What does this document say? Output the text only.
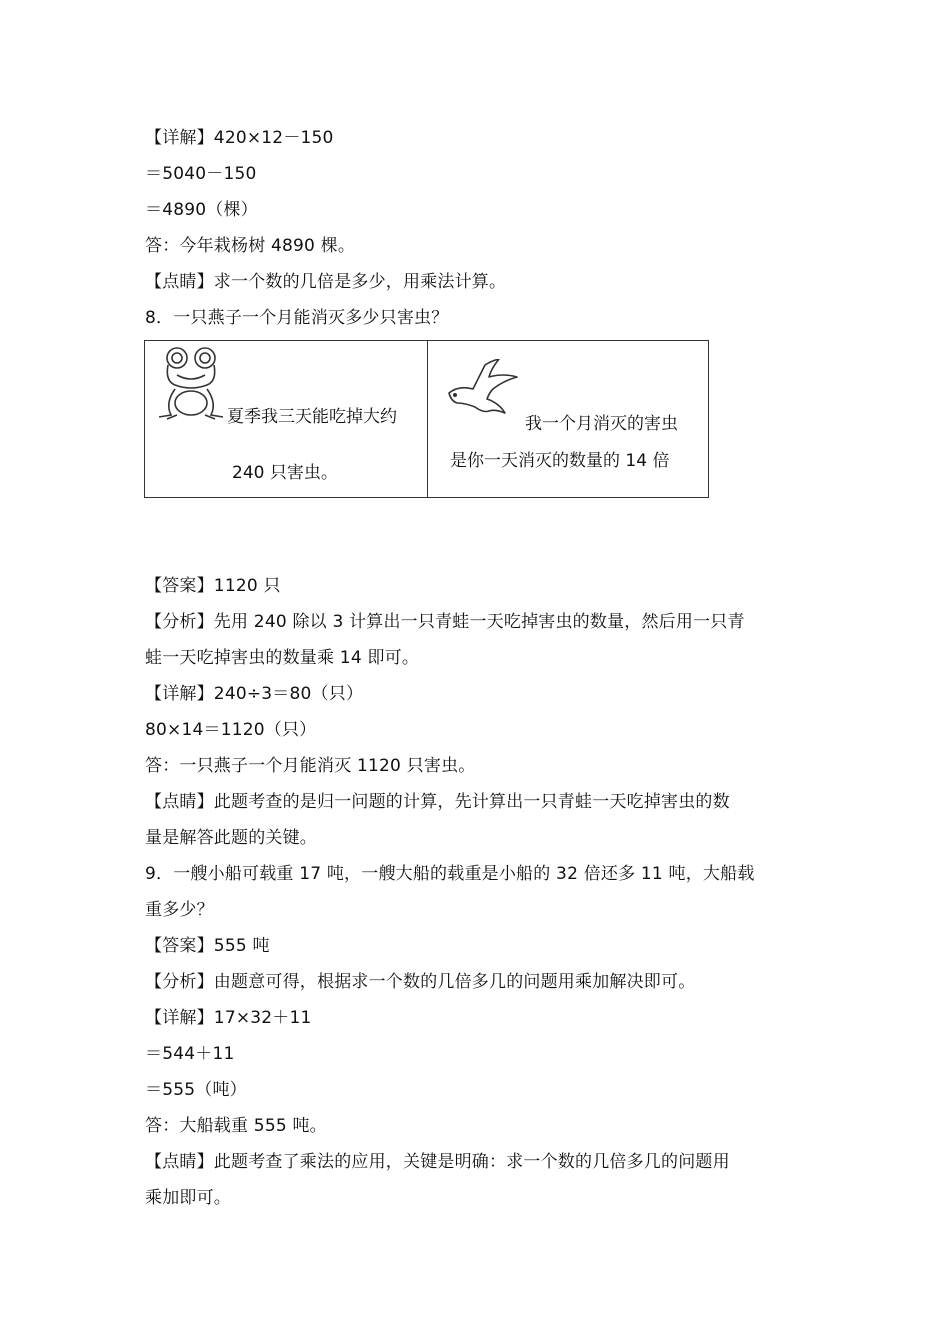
【详解】420×12－150
＝5040－150
＝4890（棵）
答：今年栽杨树 4890 棵。
【点睛】求一个数的几倍是多少，用乘法计算。
8．一只燕子一个月能消灭多少只害虫？
夏季我三天能吃掉大约
240 只害虫。
我一个月消灭的害虫
是你一天消灭的数量的 14 倍
【答案】1120 只
【分析】先用 240 除以 3 计算出一只青蛙一天吃掉害虫的数量，然后用一只青
蛙一天吃掉害虫的数量乘 14 即可。
【详解】240÷3＝80（只）
80×14＝1120（只）
答：一只燕子一个月能消灭 1120 只害虫。
【点睛】此题考查的是归一问题的计算，先计算出一只青蛙一天吃掉害虫的数
量是解答此题的关键。
9．一艘小船可载重 17 吨，一艘大船的载重是小船的 32 倍还多 11 吨，大船载
重多少？
【答案】555 吨
【分析】由题意可得，根据求一个数的几倍多几的问题用乘加解决即可。
【详解】17×32＋11
＝544＋11
＝555（吨）
答：大船载重 555 吨。
【点睛】此题考查了乘法的应用，关键是明确：求一个数的几倍多几的问题用
乘加即可。
